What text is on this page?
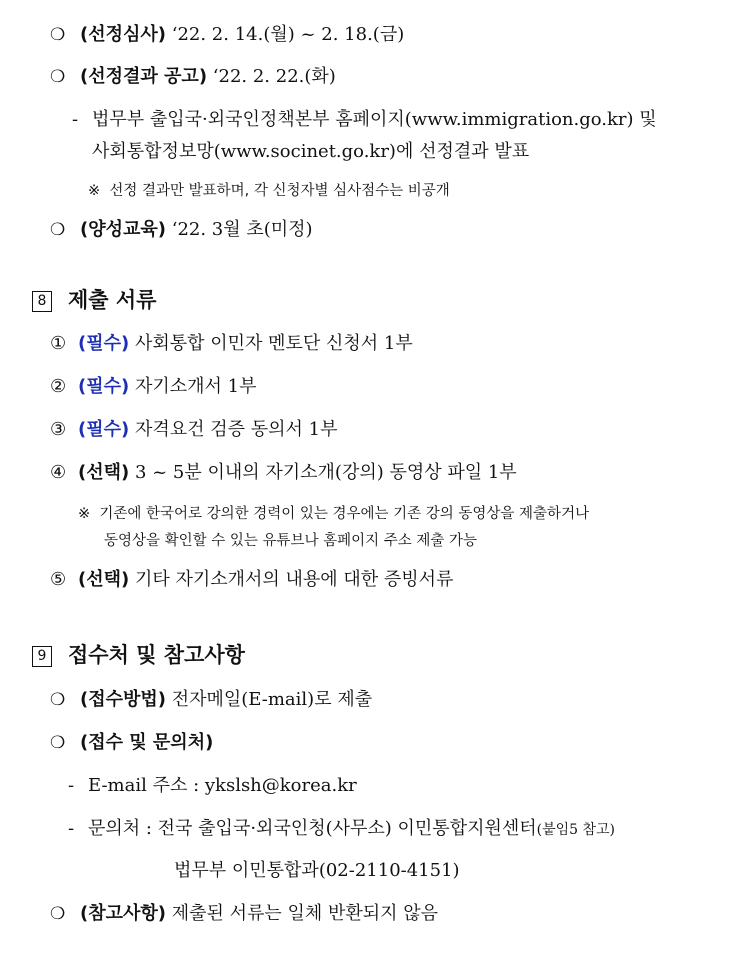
❍ (선정심사) ‘22. 2. 14.(월) ~ 2. 18.(금)
❍ (선정결과 공고) ‘22. 2. 22.(화)
- 법무부 출입국·외국인정책본부 홈페이지(www.immigration.go.kr) 및
사회통합정보망(www.socinet.go.kr)에 선정결과 발표
※ 선정 결과만 발표하며, 각 신청자별 심사점수는 비공개
❍ (양성교육) ‘22. 3월 초(미정)
8 제출 서류
① (필수) 사회통합 이민자 멘토단 신청서 1부
② (필수) 자기소개서 1부
③ (필수) 자격요건 검증 동의서 1부
④ (선택) 3 ~ 5분 이내의 자기소개(강의) 동영상 파일 1부
※ 기존에 한국어로 강의한 경력이 있는 경우에는 기존 강의 동영상을 제출하거나
동영상을 확인할 수 있는 유튜브나 홈페이지 주소 제출 가능
⑤ (선택) 기타 자기소개서의 내용에 대한 증빙서류
9 접수처 및 참고사항
❍ (접수방법) 전자메일(E-mail)로 제출
❍ (접수 및 문의처)
- E-mail 주소 : ykslsh@korea.kr
- 문의처 : 전국 출입국·외국인청(사무소) 이민통합지원센터(붙임5 참고)
법무부 이민통합과(02-2110-4151)
❍ (참고사항) 제출된 서류는 일체 반환되지 않음
